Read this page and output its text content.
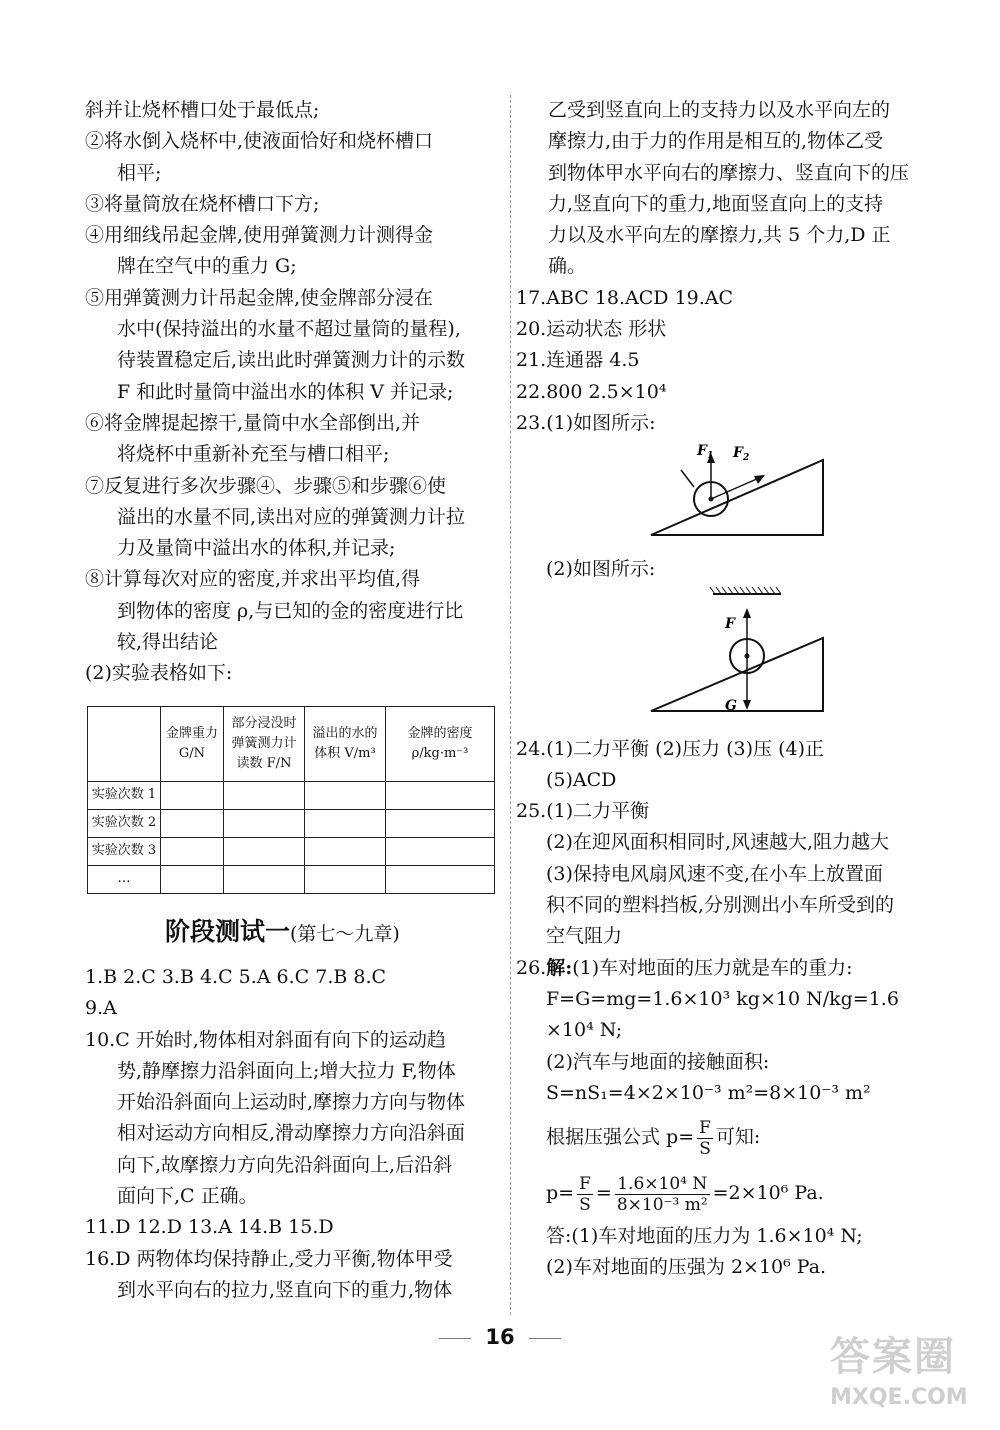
斜并让烧杯槽口处于最低点;

②将水倒入烧杯中,使液面恰好和烧杯槽口

相平;

③将量筒放在烧杯槽口下方;

④用细线吊起金牌,使用弹簧测力计测得金

牌在空气中的重力 G;

⑤用弹簧测力计吊起金牌,使金牌部分浸在

水中(保持溢出的水量不超过量筒的量程),

待装置稳定后,读出此时弹簧测力计的示数

F 和此时量筒中溢出水的体积 V 并记录;

⑥将金牌提起擦干,量筒中水全部倒出,并

将烧杯中重新补充至与槽口相平;

⑦反复进行多次步骤④、步骤⑤和步骤⑥使

溢出的水量不同,读出对应的弹簧测力计拉

力及量筒中溢出水的体积,并记录;

⑧计算每次对应的密度,并求出平均值,得

到物体的密度 ρ,与已知的金的密度进行比

较,得出结论

(2)实验表格如下:

	金牌重力 G/N	部分浸没时弹簧测力计读数 F/N	溢出的水的体积 V/m³	金牌的密度 ρ/kg·m⁻³
实验次数 1				
实验次数 2				
实验次数 3				
…				

阶段测试一(第七～九章)

1.B 2.C 3.B 4.C 5.A 6.C 7.B 8.C

9.A

10.C 开始时,物体相对斜面有向下的运动趋

势,静摩擦力沿斜面向上;增大拉力 F,物体

开始沿斜面向上运动时,摩擦力方向与物体

相对运动方向相反,滑动摩擦力方向沿斜面

向下,故摩擦力方向先沿斜面向上,后沿斜

面向下,C 正确。

11.D 12.D 13.A 14.B 15.D

16.D 两物体均保持静止,受力平衡,物体甲受

到水平向右的拉力,竖直向下的重力,物体

乙受到竖直向上的支持力以及水平向左的

摩擦力,由于力的作用是相互的,物体乙受

到物体甲水平向右的摩擦力、竖直向下的压

力,竖直向下的重力,地面竖直向上的支持

力以及水平向左的摩擦力,共 5 个力,D 正

确。

17.ABC 18.ACD 19.AC

20.运动状态 形状

21.连通器 4.5

22.800 2.5×10⁴

23.(1)如图所示:

$F_1$ $F_2$

(2)如图所示:

F
G

24.(1)二力平衡 (2)压力 (3)压 (4)正

(5)ACD

25.(1)二力平衡

(2)在迎风面积相同时,风速越大,阻力越大

(3)保持电风扇风速不变,在小车上放置面

积不同的塑料挡板,分别测出小车所受到的

空气阻力

26.解:(1)车对地面的压力就是车的重力:

F=G=mg=1.6×10³ kg×10 N/kg=1.6

×10⁴ N;

(2)汽车与地面的接触面积:

S=nS₁=4×2×10⁻³ m²=8×10⁻³ m²

根据压强公式 $p= \frac{F}{S}$ 可知:

$p= \frac{F}{S} = \frac{\text{1.6×10⁴ N}}{\text{8×10⁻³ m²}} =2\times 10^6$ Pa.

答:(1)车对地面的压力为 1.6×10⁴ N;

(2)车对地面的压强为 2×10⁶ Pa.

16	答案圈
MXQE.COM
